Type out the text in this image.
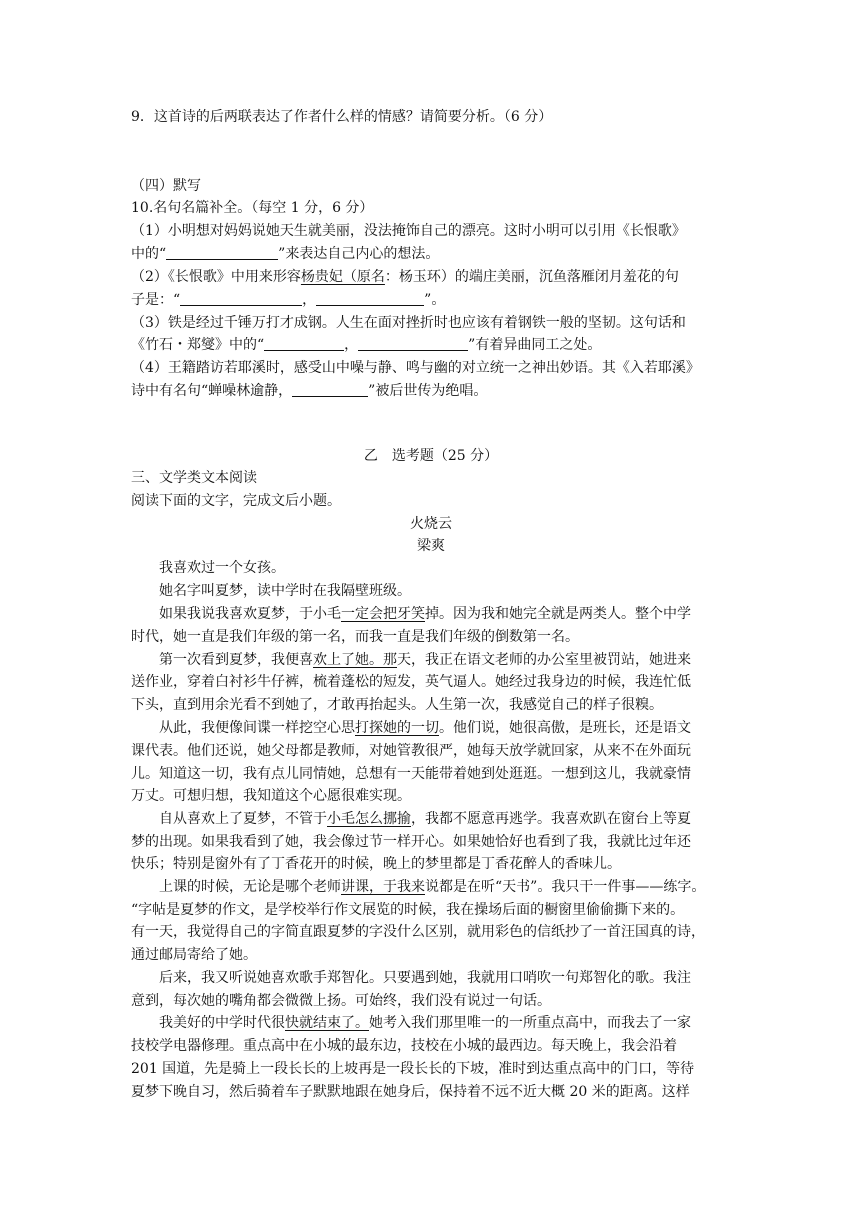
9．这首诗的后两联表达了作者什么样的情感？请简要分析。（6 分）
（四）默写
10.名句名篇补全。（每空 1 分，6 分）
（1）小明想对妈妈说她天生就美丽，没法掩饰自己的漂亮。这时小明可以引用《长恨歌》
中的“	”来表达自己内心的想法。
（2）《长恨歌》中用来形容杨贵妃（原名：杨玉环）的端庄美丽，沉鱼落雁闭月羞花的句
子是：“	，	”。
（3）铁是经过千锤万打才成钢。人生在面对挫折时也应该有着钢铁一般的坚韧。这句话和
《竹石・郑燮》中的“	，	”有着异曲同工之处。
（4）王籍踏访若耶溪时，感受山中噪与静、鸣与幽的对立统一之神出妙语。其《入若耶溪》
诗中有名句“蝉噪林逾静，	”被后世传为绝唱。
乙　选考题（25 分）
三、文学类文本阅读
阅读下面的文字，完成文后小题。
火烧云
梁爽
我喜欢过一个女孩。
她名字叫夏梦，读中学时在我隔壁班级。
如果我说我喜欢夏梦，于小毛一定会把牙笑掉。因为我和她完全就是两类人。整个中学
时代，她一直是我们年级的第一名，而我一直是我们年级的倒数第一名。
第一次看到夏梦，我便喜欢上了她。那天，我正在语文老师的办公室里被罚站，她进来
送作业，穿着白衬衫牛仔裤，梳着蓬松的短发，英气逼人。她经过我身边的时候，我连忙低
下头，直到用余光看不到她了，才敢再抬起头。人生第一次，我感觉自己的样子很糗。
从此，我便像间谍一样挖空心思打探她的一切。他们说，她很高傲，是班长，还是语文
课代表。他们还说，她父母都是教师，对她管教很严，她每天放学就回家，从来不在外面玩
儿。知道这一切，我有点儿同情她，总想有一天能带着她到处逛逛。一想到这儿，我就豪情
万丈。可想归想，我知道这个心愿很难实现。
自从喜欢上了夏梦，不管于小毛怎么挪揄，我都不愿意再逃学。我喜欢趴在窗台上等夏
梦的出现。如果我看到了她，我会像过节一样开心。如果她恰好也看到了我，我就比过年还
快乐；特别是窗外有了丁香花开的时候，晚上的梦里都是丁香花醉人的香味儿。
上课的时候，无论是哪个老师讲课，于我来说都是在听“天书”。我只干一件事——练字。
“字帖是夏梦的作文，是学校举行作文展览的时候，我在操场后面的橱窗里偷偷撕下来的。
有一天，我觉得自己的字简直跟夏梦的字没什么区别，就用彩色的信纸抄了一首汪国真的诗，
通过邮局寄给了她。
后来，我又听说她喜欢歌手郑智化。只要遇到她，我就用口哨吹一句郑智化的歌。我注
意到，每次她的嘴角都会微微上扬。可始终，我们没有说过一句话。
我美好的中学时代很快就结束了。她考入我们那里唯一的一所重点高中，而我去了一家
技校学电器修理。重点高中在小城的最东边，技校在小城的最西边。每天晚上，我会沿着
201 国道，先是骑上一段长长的上坡再是一段长长的下坡，准时到达重点高中的门口，等待
夏梦下晚自习，然后骑着车子默默地跟在她身后，保持着不远不近大概 20 米的距离。这样
